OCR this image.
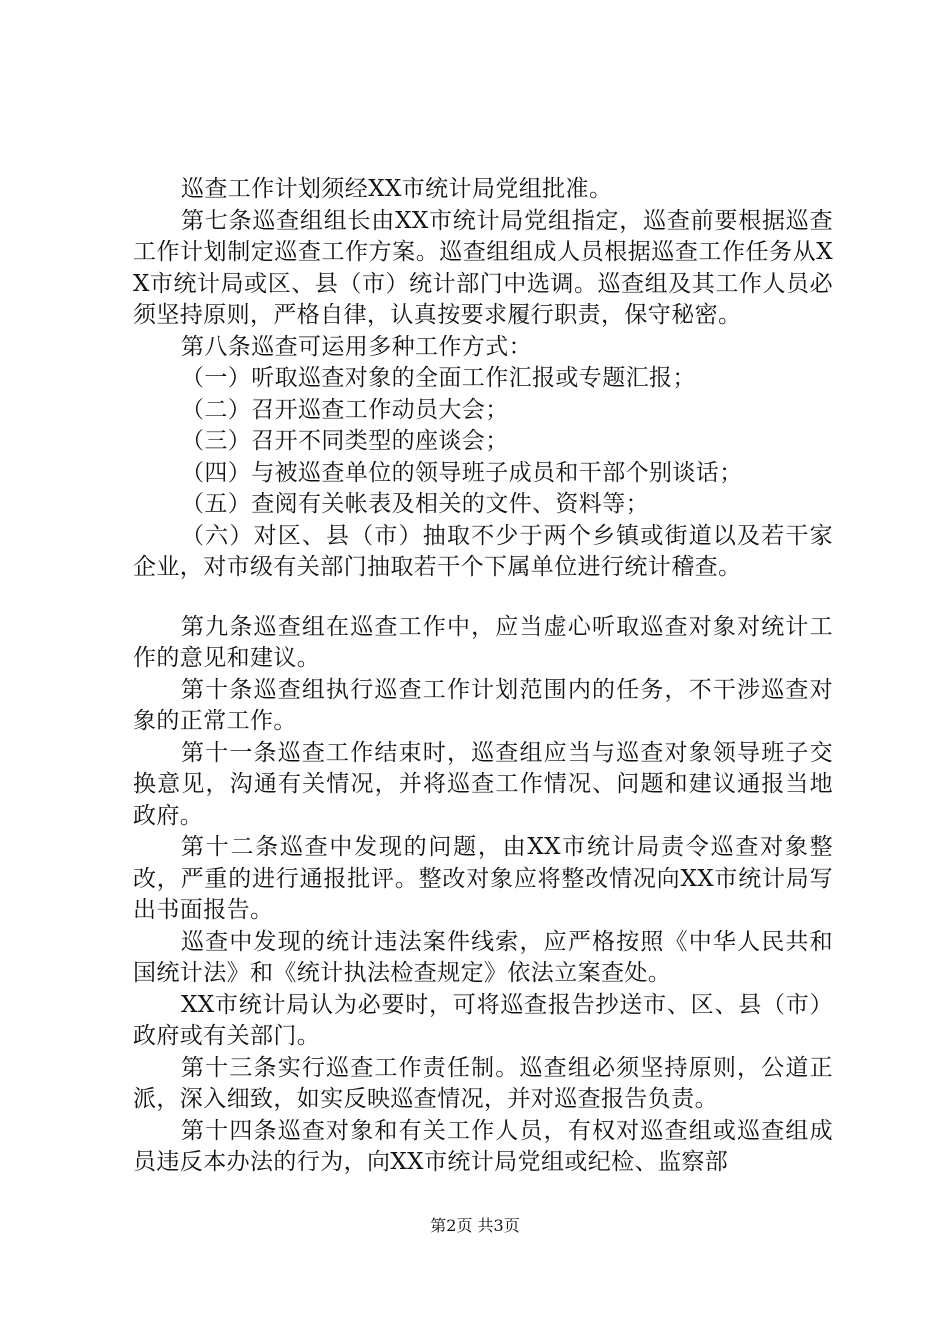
巡查工作计划须经XX市统计局党组批准。

第七条巡查组组长由XX市统计局党组指定，巡查前要根据巡查工作计划制定巡查工作方案。巡查组组成人员根据巡查工作任务从XX市统计局或区、县（市）统计部门中选调。巡查组及其工作人员必须坚持原则，严格自律，认真按要求履行职责，保守秘密。

第八条巡查可运用多种工作方式：

（一）听取巡查对象的全面工作汇报或专题汇报；

（二）召开巡查工作动员大会；

（三）召开不同类型的座谈会；

（四）与被巡查单位的领导班子成员和干部个别谈话；

（五）查阅有关帐表及相关的文件、资料等；

（六）对区、县（市）抽取不少于两个乡镇或街道以及若干家企业，对市级有关部门抽取若干个下属单位进行统计稽查。

第九条巡查组在巡查工作中，应当虚心听取巡查对象对统计工作的意见和建议。

第十条巡查组执行巡查工作计划范围内的任务，不干涉巡查对象的正常工作。

第十一条巡查工作结束时，巡查组应当与巡查对象领导班子交换意见，沟通有关情况，并将巡查工作情况、问题和建议通报当地政府。

第十二条巡查中发现的问题，由XX市统计局责令巡查对象整改，严重的进行通报批评。整改对象应将整改情况向XX市统计局写出书面报告。

巡查中发现的统计违法案件线索，应严格按照《中华人民共和国统计法》和《统计执法检查规定》依法立案查处。

XX市统计局认为必要时，可将巡查报告抄送市、区、县（市）政府或有关部门。

第十三条实行巡查工作责任制。巡查组必须坚持原则，公道正派，深入细致，如实反映巡查情况，并对巡查报告负责。

第十四条巡查对象和有关工作人员，有权对巡查组或巡查组成员违反本办法的行为，向XX市统计局党组或纪检、监察部

第2页 共3页
